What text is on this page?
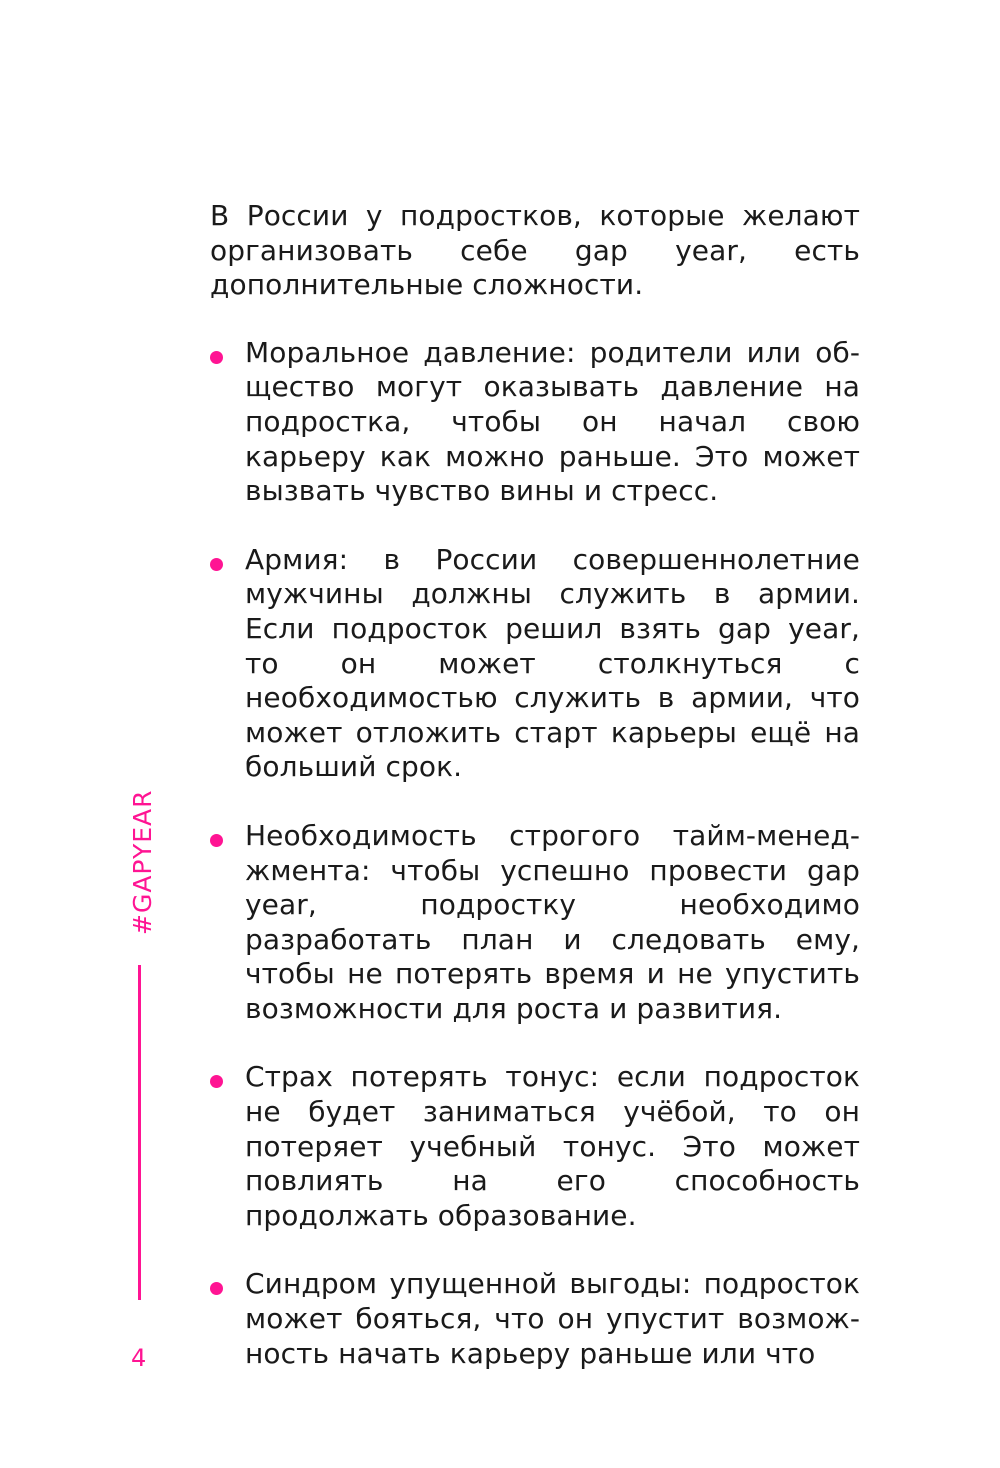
В России у подростков, которые желают организовать себе gap year, есть дополнительные сложности.

Моральное давление: родители или общество могут оказывать давление на подростка, чтобы он начал свою карьеру как можно раньше. Это может вызвать чувство вины и стресс.
Армия: в России совершеннолетние мужчины должны служить в армии. Если подросток решил взять gap year, то он может столкнуться с необходимостью служить в армии, что может отложить старт карьеры ещё на больший срок.
Необходимость строгого тайм-менеджмента: чтобы успешно провести gap year, подростку необходимо разработать план и следовать ему, чтобы не потерять время и не упустить возможности для роста и развития.
Страх потерять тонус: если подросток не будет заниматься учёбой, то он потеряет учебный тонус. Это может повлиять на его способность продолжать образование.
Синдром упущенной выгоды: подросток может бояться, что он упустит возможность начать карьеру раньше или что
#GAPYEAR
4
